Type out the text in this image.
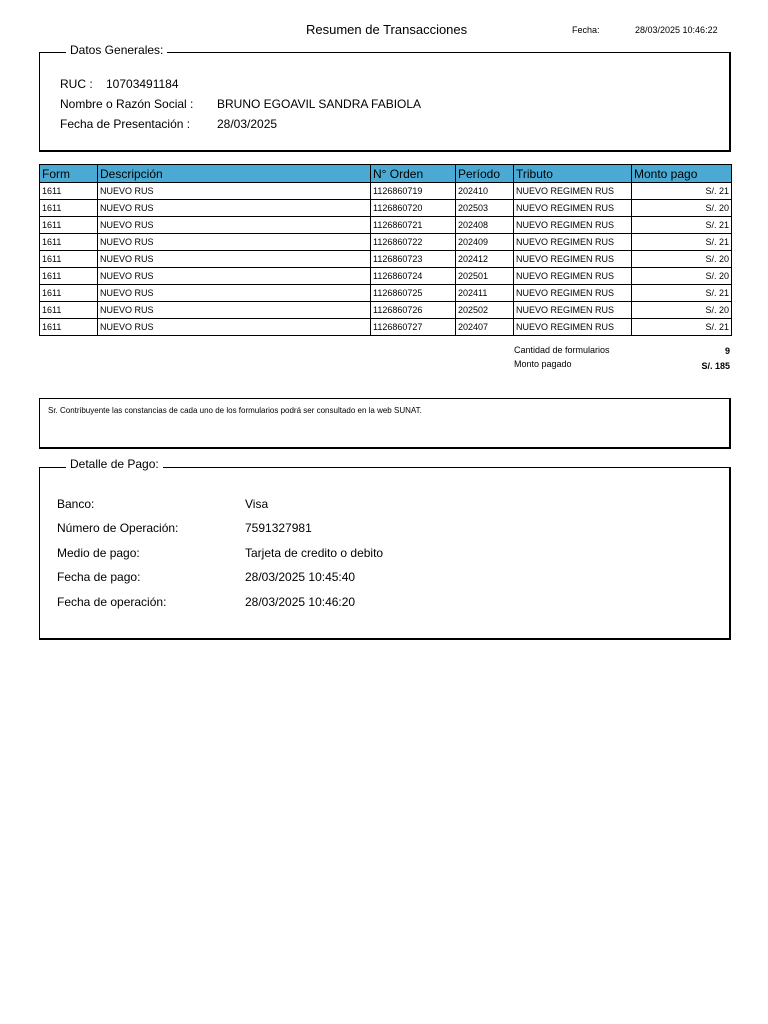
Resumen de Transacciones	Fecha:	28/03/2025 10:46:22
Datos Generales:
RUC : 10703491184
Nombre o Razón Social : BRUNO EGOAVIL SANDRA FABIOLA
Fecha de Presentación : 28/03/2025
Form	Descripción	N° Orden	Período	Tributo	Monto pago
1611	NUEVO RUS	1126860719	202410	NUEVO REGIMEN RUS	S/. 21
1611	NUEVO RUS	1126860720	202503	NUEVO REGIMEN RUS	S/. 20
1611	NUEVO RUS	1126860721	202408	NUEVO REGIMEN RUS	S/. 21
1611	NUEVO RUS	1126860722	202409	NUEVO REGIMEN RUS	S/. 21
1611	NUEVO RUS	1126860723	202412	NUEVO REGIMEN RUS	S/. 20
1611	NUEVO RUS	1126860724	202501	NUEVO REGIMEN RUS	S/. 20
1611	NUEVO RUS	1126860725	202411	NUEVO REGIMEN RUS	S/. 21
1611	NUEVO RUS	1126860726	202502	NUEVO REGIMEN RUS	S/. 20
1611	NUEVO RUS	1126860727	202407	NUEVO REGIMEN RUS	S/. 21
Cantidad de formularios	9
Monto pagado	S/. 185
Sr. Contribuyente las constancias de cada uno de los formularios podrá ser consultado en la web SUNAT.
Detalle de Pago:
Banco:	Visa
Número de Operación:	7591327981
Medio de pago:	Tarjeta de credito o debito
Fecha de pago:	28/03/2025 10:45:40
Fecha de operación:	28/03/2025 10:46:20
